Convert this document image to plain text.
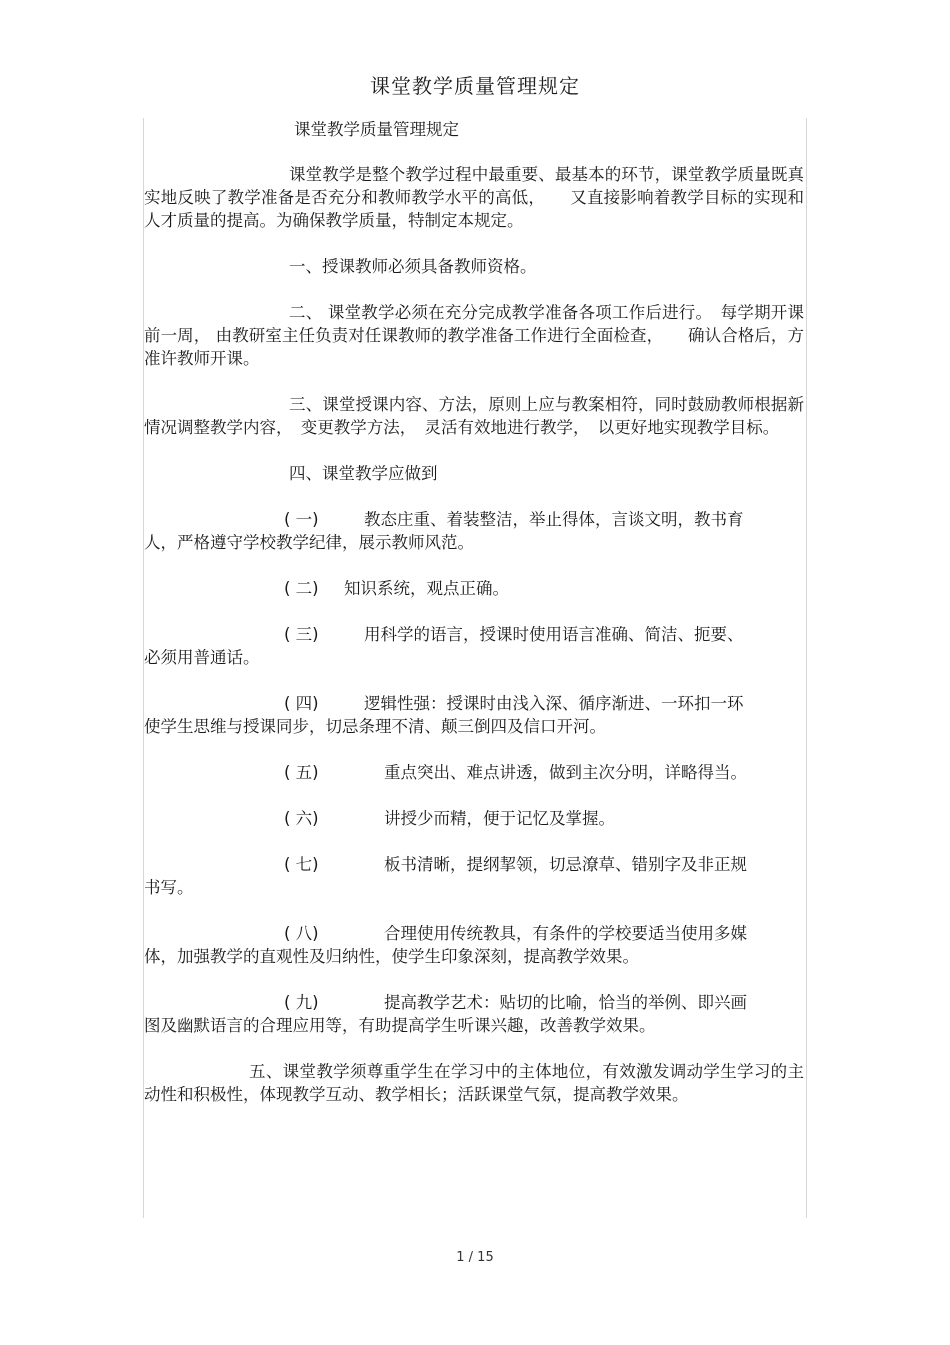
课堂教学质量管理规定

课堂教学质量管理规定

课堂教学是整个教学过程中最重要、最基本的环节，课堂教学质量既真实地反映了教学准备是否充分和教师教学水平的高低，　　又直接影响着教学目标的实现和人才质量的提高。为确保教学质量，特制定本规定。

一、授课教师必须具备教师资格。

二、 课堂教学必须在充分完成教学准备各项工作后进行。　每学期开课前一周， 由教研室主任负责对任课教师的教学准备工作进行全面检查，　　确认合格后，方准许教师开课。

三、课堂授课内容、方法，原则上应与教案相符，同时鼓励教师根据新情况调整教学内容，　变更教学方法，　灵活有效地进行教学，　以更好地实现教学目标。

四、课堂教学应做到

( 一)	教态庄重、着装整洁，举止得体，言谈文明，教书育
人，严格遵守学校教学纪律，展示教师风范。

( 二)	知识系统，观点正确。

( 三)	用科学的语言，授课时使用语言准确、简洁、扼要、
必须用普通话。

( 四)	逻辑性强：授课时由浅入深、循序渐进、一环扣一环
使学生思维与授课同步，切忌条理不清、颠三倒四及信口开河。

( 五)	重点突出、难点讲透，做到主次分明，详略得当。

( 六)	讲授少而精，便于记忆及掌握。

( 七)	板书清晰，提纲挈领，切忌潦草、错别字及非正规
书写。

( 八)	合理使用传统教具，有条件的学校要适当使用多媒
体，加强教学的直观性及归纳性，使学生印象深刻，提高教学效果。

( 九)	提高教学艺术：贴切的比喻，恰当的举例、即兴画
图及幽默语言的合理应用等，有助提高学生听课兴趣，改善教学效果。

五、课堂教学须尊重学生在学习中的主体地位，有效激发调动学生学习的主动性和积极性，体现教学互动、教学相长；活跃课堂气氛，提高教学效果。

1 / 15
